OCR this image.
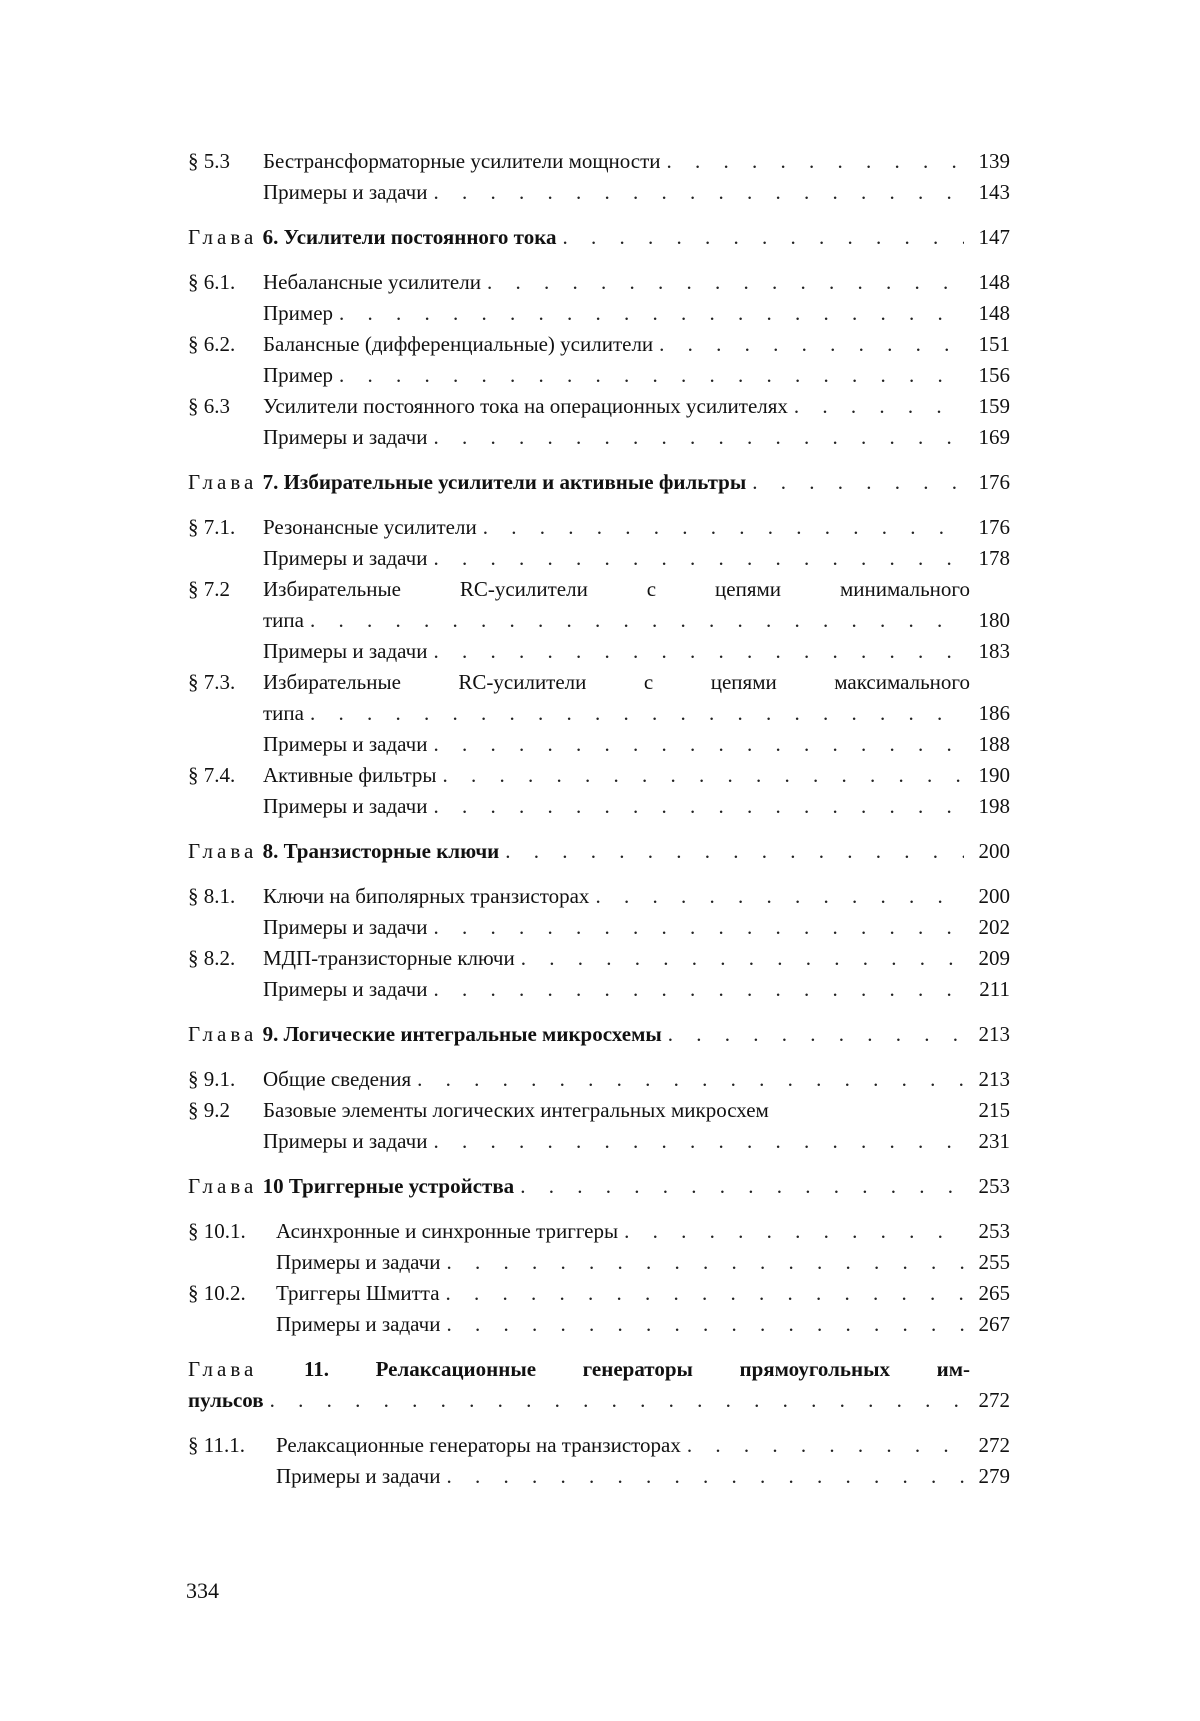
§ 5.3	Бестрансформаторные усилители мощности . . .	139
Примеры и задачи . . .	143
Глава 6. Усилители постоянного тока . . .	147
§ 6.1.	Небалансные усилители . . .	148
Пример . . .	148
§ 6.2.	Балансные (дифференциальные) усилители . . .	151
Пример . . .	156
§ 6.3	Усилители постоянного тока на операционных усилителях . . .	159
Примеры и задачи . . .	169
Глава 7. Избирательные усилители и активные фильтры . . .	176
§ 7.1.	Резонансные усилители . . .	176
Примеры и задачи . . .	178
§ 7.2	Избирательные RC-усилители с цепями минимального
типа . . .	180
Примеры и задачи . . .	183
§ 7.3.	Избирательные RC-усилители с цепями максимального
типа . . .	186
Примеры и задачи . . .	188
§ 7.4.	Активные фильтры . . .	190
Примеры и задачи . . .	198
Глава 8. Транзисторные ключи . . .	200
§ 8.1.	Ключи на биполярных транзисторах . . .	200
Примеры и задачи . . .	202
§ 8.2.	МДП-транзисторные ключи . . .	209
Примеры и задачи . . .	211
Глава 9. Логические интегральные микросхемы . . .	213
§ 9.1.	Общие сведения . . .	213
§ 9.2	Базовые элементы логических интегральных микросхем	215
Примеры и задачи . . .	231
Глава 10 Триггерные устройства . . .	253
§ 10.1.	Асинхронные и синхронные триггеры . . .	253
Примеры и задачи . . .	255
§ 10.2.	Триггеры Шмитта . . .	265
Примеры и задачи . . .	267
Глава 11. Релаксационные генераторы прямоугольных им-
пульсов . . .	272
§ 11.1.	Релаксационные генераторы на транзисторах . . .	272
Примеры и задачи . . .	279
334
